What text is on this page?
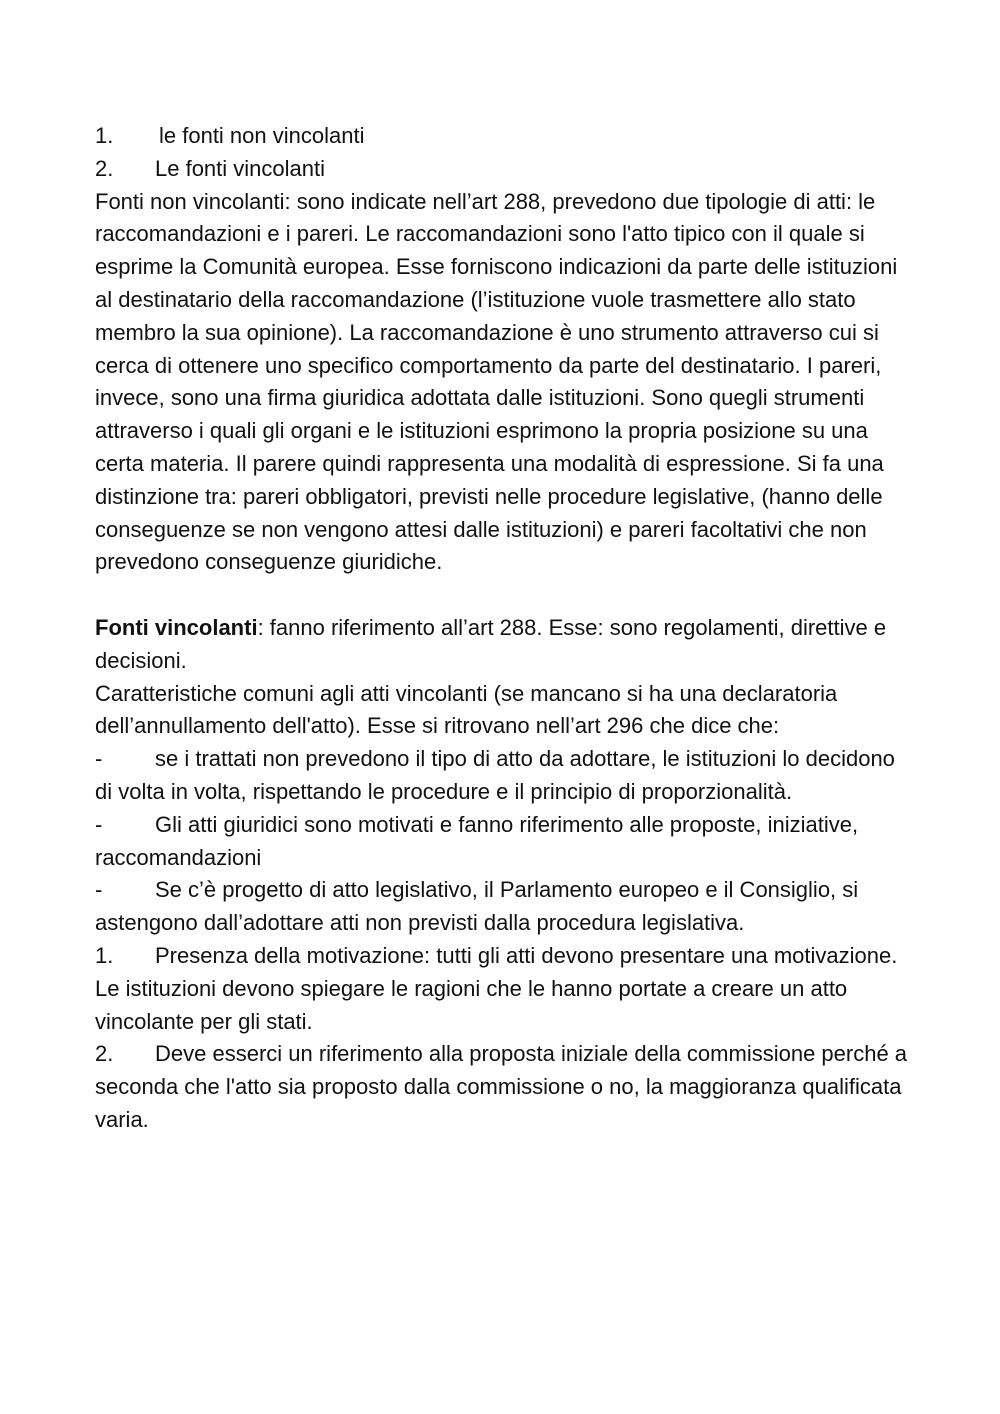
1. le fonti non vincolanti
2. Le fonti vincolanti
Fonti non vincolanti: sono indicate nell’art 288, prevedono due tipologie di atti: le raccomandazioni e i pareri. Le raccomandazioni sono l'atto tipico con il quale si esprime la Comunità europea. Esse forniscono indicazioni da parte delle istituzioni al destinatario della raccomandazione (l’istituzione vuole trasmettere allo stato membro la sua opinione). La raccomandazione è uno strumento attraverso cui si cerca di ottenere uno specifico comportamento da parte del destinatario. I pareri, invece, sono una firma giuridica adottata dalle istituzioni. Sono quegli strumenti attraverso i quali gli organi e le istituzioni esprimono la propria posizione su una certa materia. Il parere quindi rappresenta una modalità di espressione. Si fa una distinzione tra: pareri obbligatori, previsti nelle procedure legislative, (hanno delle conseguenze se non vengono attesi dalle istituzioni) e pareri facoltativi che non prevedono conseguenze giuridiche.
Fonti vincolanti: fanno riferimento all’art 288. Esse: sono regolamenti, direttive e decisioni.
Caratteristiche comuni agli atti vincolanti (se mancano si ha una declaratoria dell’annullamento dell'atto). Esse si ritrovano nell’art 296 che dice che:
- se i trattati non prevedono il tipo di atto da adottare, le istituzioni lo decidono di volta in volta, rispettando le procedure e il principio di proporzionalità.
- Gli atti giuridici sono motivati e fanno riferimento alle proposte, iniziative, raccomandazioni
- Se c’è progetto di atto legislativo, il Parlamento europeo e il Consiglio, si astengono dall’adottare atti non previsti dalla procedura legislativa.
1. Presenza della motivazione: tutti gli atti devono presentare una motivazione. Le istituzioni devono spiegare le ragioni che le hanno portate a creare un atto vincolante per gli stati.
2. Deve esserci un riferimento alla proposta iniziale della commissione perché a seconda che l'atto sia proposto dalla commissione o no, la maggioranza qualificata varia.
